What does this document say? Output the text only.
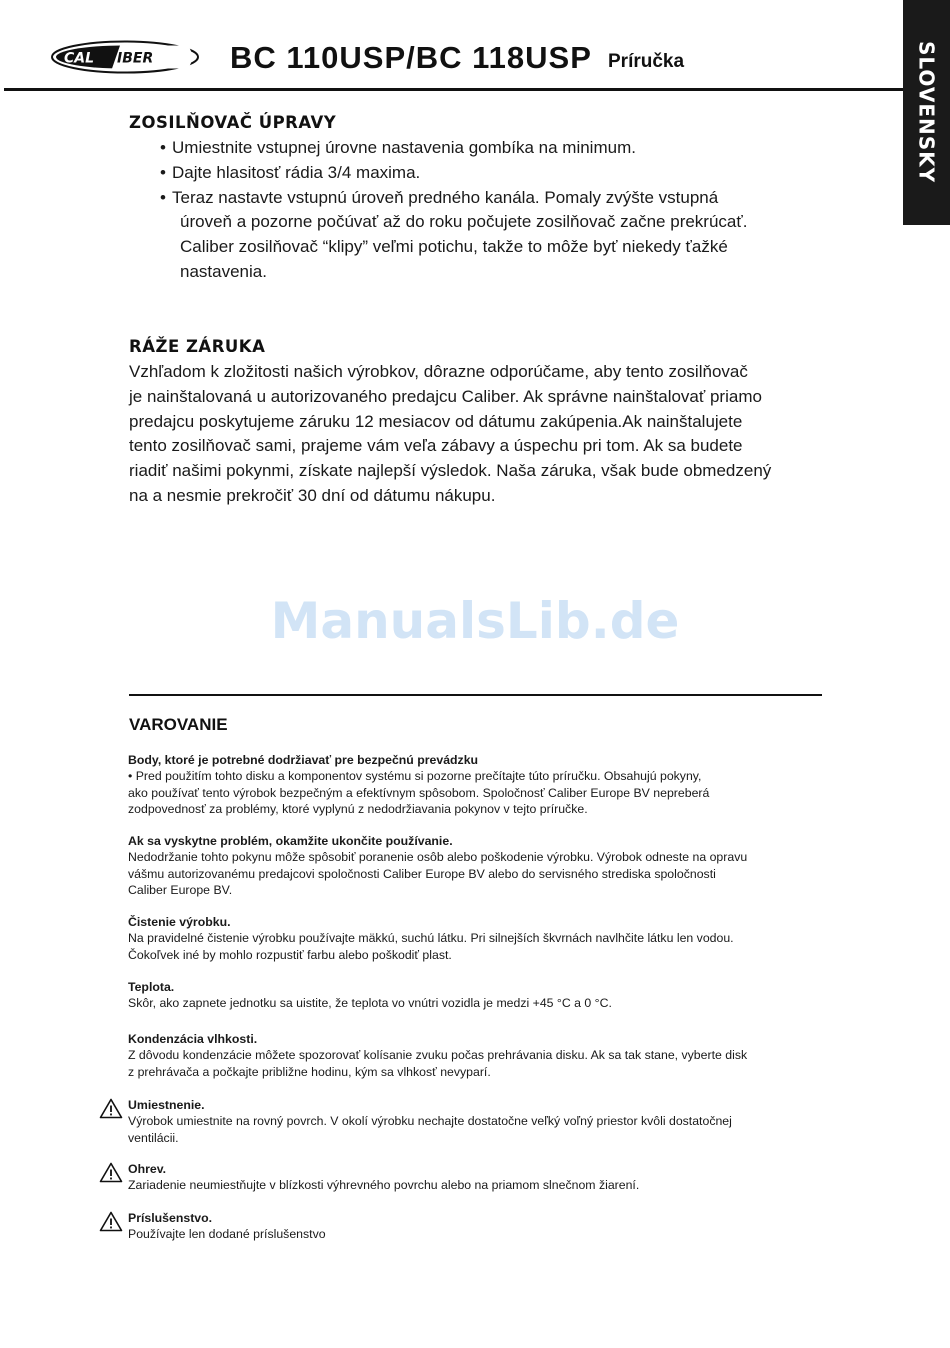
CAL IBER BC 110USP/BC 118USP Príručka	SLOVENSKY
ZOSILŇOVAČ ÚPRAVY
• Umiestnite vstupnej úrovne nastavenia gombíka na minimum.
• Dajte hlasitosť rádia 3/4 maxima.
• Teraz nastavte vstupnú úroveň predného kanála. Pomaly zvýšte vstupná
úroveň a pozorne počúvať až do roku počujete zosilňovač začne prekrúcať.
Caliber zosilňovač “klipy” veľmi potichu, takže to môže byť niekedy ťažké
nastavenia.
RÁŽE ZÁRUKA
Vzhľadom k zložitosti našich výrobkov, dôrazne odporúčame, aby tento zosilňovač
je nainštalovaná u autorizovaného predajcu Caliber. Ak správne nainštalovať priamo
predajcu poskytujeme záruku 12 mesiacov od dátumu zakúpenia.Ak nainštalujete
tento zosilňovač sami, prajeme vám veľa zábavy a úspechu pri tom. Ak sa budete
riadiť našimi pokynmi, získate najlepší výsledok. Naša záruka, však bude obmedzený
na a nesmie prekročiť 30 dní od dátumu nákupu.
ManualsLib.de
VAROVANIE
Body, ktoré je potrebné dodržiavať pre bezpečnú prevádzku
• Pred použitím tohto disku a komponentov systému si pozorne prečítajte túto príručku. Obsahujú pokyny,
ako používať tento výrobok bezpečným a efektívnym spôsobom. Spoločnosť Caliber Europe BV nepreberá
zodpovednosť za problémy, ktoré vyplynú z nedodržiavania pokynov v tejto príručke.
Ak sa vyskytne problém, okamžite ukončite používanie.
Nedodržanie tohto pokynu môže spôsobiť poranenie osôb alebo poškodenie výrobku. Výrobok odneste na opravu
vášmu autorizovanému predajcovi spoločnosti Caliber Europe BV alebo do servisného strediska spoločnosti
Caliber Europe BV.
Čistenie výrobku.
Na pravidelné čistenie výrobku používajte mäkkú, suchú látku. Pri silnejších škvrnách navlhčite látku len vodou.
Čokoľvek iné by mohlo rozpustiť farbu alebo poškodiť plast.
Teplota.
Skôr, ako zapnete jednotku sa uistite, že teplota vo vnútri vozidla je medzi +45 °C a 0 °C.
Kondenzácia vlhkosti.
Z dôvodu kondenzácie môžete spozorovať kolísanie zvuku počas prehrávania disku. Ak sa tak stane, vyberte disk
z prehrávača a počkajte približne hodinu, kým sa vlhkosť nevyparí.
Umiestnenie.
Výrobok umiestnite na rovný povrch. V okolí výrobku nechajte dostatočne veľký voľný priestor kvôli dostatočnej
ventilácii.
Ohrev.
Zariadenie neumiestňujte v blízkosti výhrevného povrchu alebo na priamom slnečnom žiarení.
Príslušenstvo.
Používajte len dodané príslušenstvo
